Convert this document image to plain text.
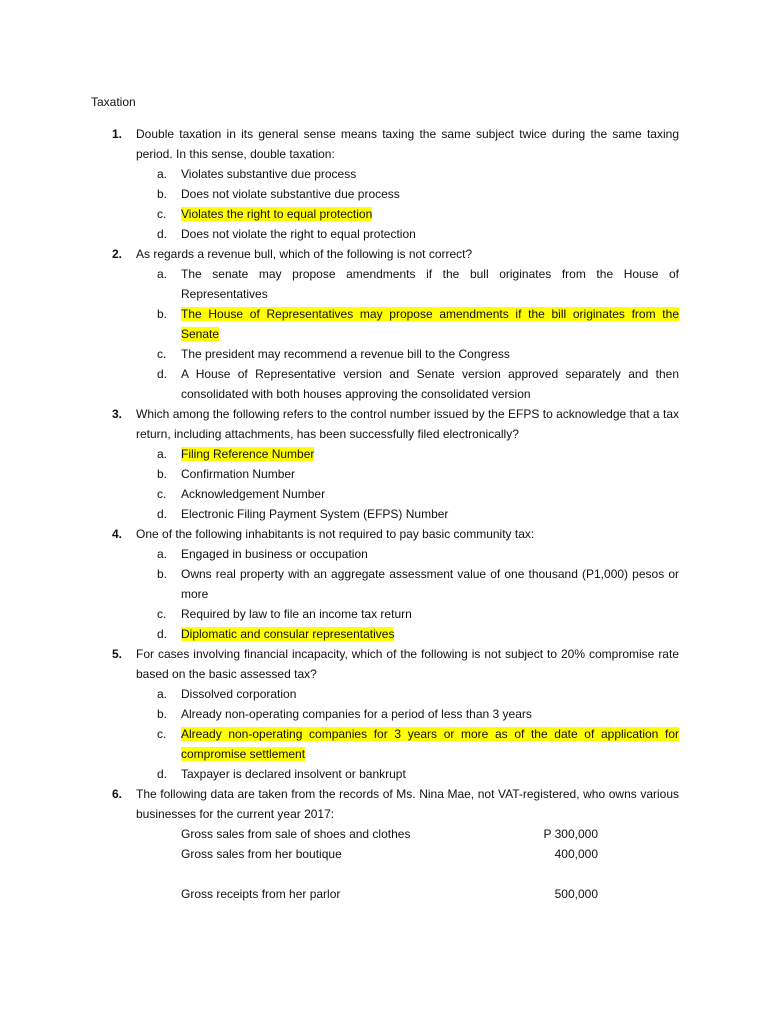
Taxation
1.	Double taxation in its general sense means taxing the same subject twice during the same taxing period. In this sense, double taxation:
a.	Violates substantive due process
b.	Does not violate substantive due process
c.	Violates the right to equal protection
d.	Does not violate the right to equal protection
2.	As regards a revenue bull, which of the following is not correct?
a.	The senate may propose amendments if the bull originates from the House of Representatives
b.	The House of Representatives may propose amendments if the bill originates from the Senate
c.	The president may recommend a revenue bill to the Congress
d.	A House of Representative version and Senate version approved separately and then consolidated with both houses approving the consolidated version
3.	Which among the following refers to the control number issued by the EFPS to acknowledge that a tax return, including attachments, has been successfully filed electronically?
a.	Filing Reference Number
b.	Confirmation Number
c.	Acknowledgement Number
d.	Electronic Filing Payment System (EFPS) Number
4.	One of the following inhabitants is not required to pay basic community tax:
a.	Engaged in business or occupation
b.	Owns real property with an aggregate assessment value of one thousand (P1,000) pesos or more
c.	Required by law to file an income tax return
d.	Diplomatic and consular representatives
5.	For cases involving financial incapacity, which of the following is not subject to 20% compromise rate based on the basic assessed tax?
a.	Dissolved corporation
b.	Already non-operating companies for a period of less than 3 years
c.	Already non-operating companies for 3 years or more as of the date of application for compromise settlement
d.	Taxpayer is declared insolvent or bankrupt
6.	The following data are taken from the records of Ms. Nina Mae, not VAT-registered, who owns various businesses for the current year 2017:
Gross sales from sale of shoes and clothes	P 300,000
Gross sales from her boutique	400,000
Gross receipts from her parlor	500,000
